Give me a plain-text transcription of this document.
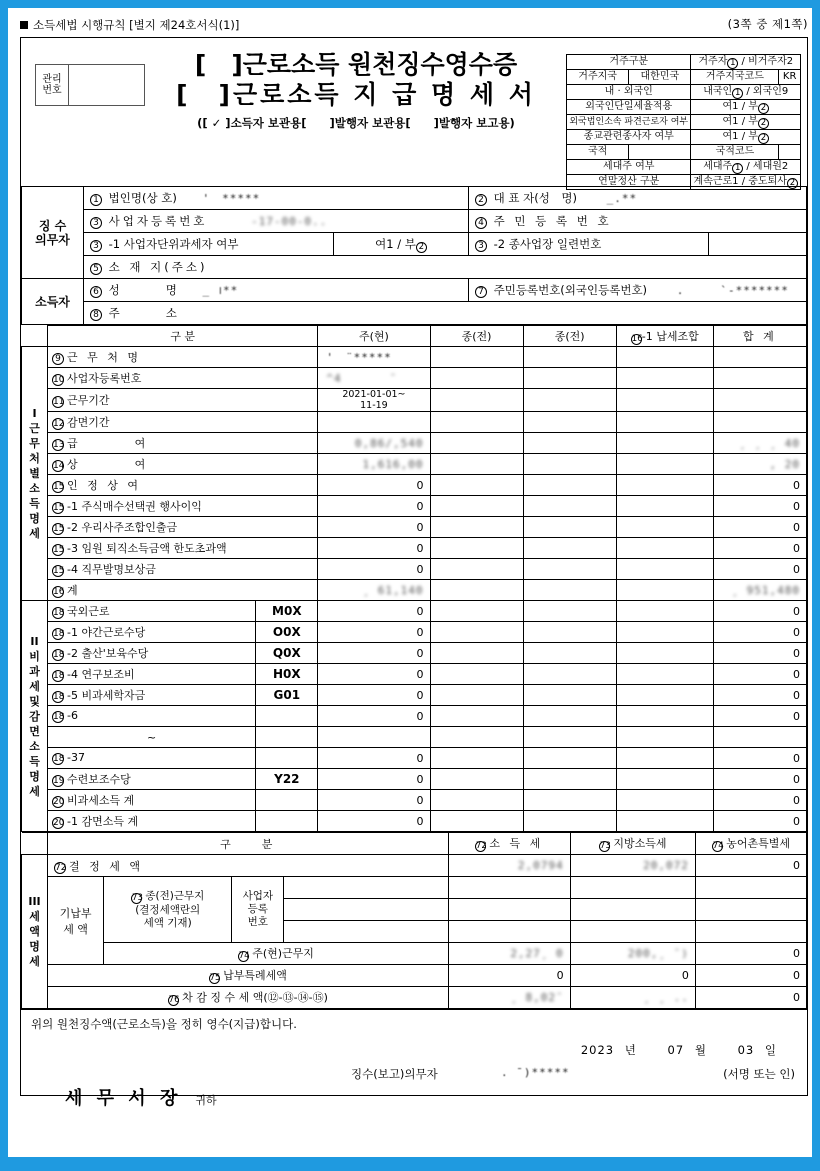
소득세법 시행규칙 [별지 제24호서식(1)]	(3쪽 중 제1쪽)
관리
번호
[　]근로소득 원천징수영수증
[　]근로소득 지 급 명 세 서
([ ✓ ]소득자 보관용[　　]발행자 보관용[　　]발행자 보고용)
거주구분		거주자 1 / 비거주자2	
거주지국	대한민국	거주지국코드	KR
내 · 외국인		내국인 1 / 외국인9	
외국인단일세율적용		여1 / 부 2	
외국법인소속 파견근로자 여부		여1 / 부 2	
종교관련종사자 여부		여1 / 부 2	
국적		국적코드	
세대주 여부		세대주 1 / 세대원2	
연말정산 구분		계속근로1 / 중도퇴사 2	
징 수
의무자	1 법인명(상 호) '　*****		2 대 표 자(성　명) _.**	
	3 사업자등록번호 -17-00-0..		4 주 민 등 록 번 호	
	3 -1 사업자단위과세자 여부	여1 / 부 2	3 -2 종사업장 일련번호	
	5 소 재 지(주소)			
소득자	6 성　　　　명 _ ।**		7 주민등록번호(외국인등록번호) .　　　`-*******	
	8 주　　　　소			
	구 분		주(현)	종(전)	종(전)	16-1 납세조합	합 계

I
근
무
처
별
소
득
명
세
	9 근 무 처 명	'　¨*****				
	10 사업자등록번호		^4　　　　¯				
	11 근무기간		2021-01-01~
11-19				
	12 감면기간						
	13 급　　　여		0,86/,540				¸ ¸ ¸ 40
	14 상　　　여		1,616,00				, 20
	15 인 정 상 여		0				0
	15 -1 주식매수선택권 행사이익		0				0
	15 -2 우리사주조합인출금		0				0
	15 -3 임원 퇴직소득금액 한도초과액		0				0
	15 -4 직무발명보상금		0				0
	16 계		¸ 61,140				¸ 951,480

II
비
과
세
및
감
면
소
득
명
세
	18 국외근로	M0X	0				0
	18 -1 야간근로수당	O0X	0				0
	18 -2 출산'보육수당	Q0X	0				0
	18 -4 연구보조비	H0X	0				0
	18 -5 비과세학자금	G01	0				0
	18 -6		0				0
	~						
	18 -37		0				0
	19 수련보조수당	Y22	0				0
	20 비과세소득 계		0				0
	20 -1 감면소득 계		0				0
	구　　분				72 소 득 세	73 지방소득세	74 농어촌특별세

III
세
액
명
세	72 결 정 세 액				2,0794	20,072	0

기납부
세 액
	73 종(전)근무지
(결정세액란의
세액 기재)	사업자
등록
번호				

		74 주(현)근무지			2,27¸ 0	200,¸ ¯)	0
	75 납부특례세액				0	0	0
	76 차 감 징 수 세 액(⑫-⑬-⑭-⑮)				¸ 8,02¯	¸ ¸ ..	0
위의 원천징수액(근로소득)을 정히 영수(지급)합니다.
2023 년	07 월	03 일
징수(보고)의무자	. ¯)*****	(서명 또는 인)
세 무 서 장 귀하
